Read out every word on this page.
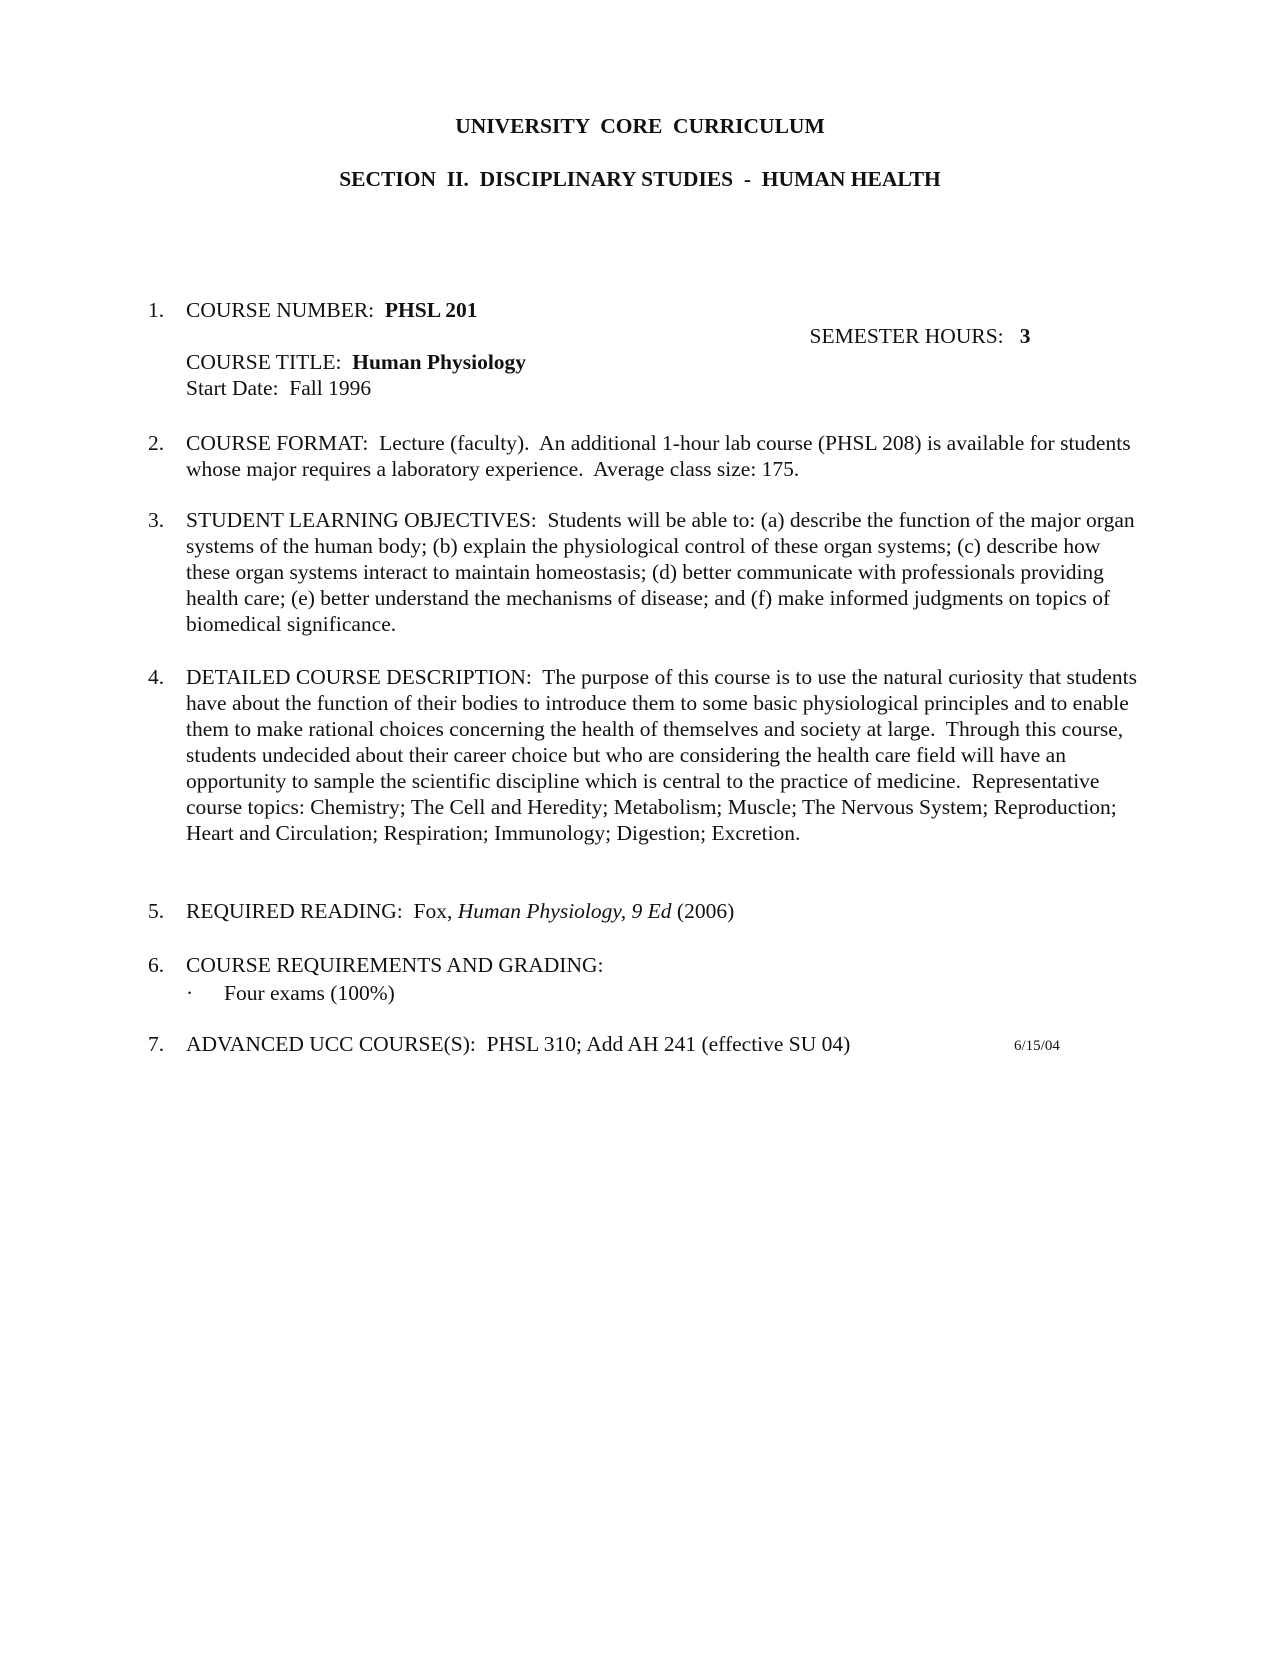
UNIVERSITY  CORE  CURRICULUM
SECTION  II.  DISCIPLINARY STUDIES  -  HUMAN HEALTH
1.	COURSE NUMBER:  PHSL 201
COURSE TITLE:  Human Physiology
Start Date:  Fall 1996

SEMESTER HOURS:   3

2.	COURSE FORMAT:  Lecture (faculty).  An additional 1-hour lab course (PHSL 208) is available for students whose major requires a laboratory experience.  Average class size: 175.
3.	STUDENT LEARNING OBJECTIVES:  Students will be able to: (a) describe the function of the major organ systems of the human body; (b) explain the physiological control of these organ systems; (c) describe how these organ systems interact to maintain homeostasis; (d) better communicate with professionals providing health care; (e) better understand the mechanisms of disease; and (f) make informed judgments on topics of biomedical significance.
4.	DETAILED COURSE DESCRIPTION:  The purpose of this course is to use the natural curiosity that students have about the function of their bodies to introduce them to some basic physiological principles and to enable them to make rational choices concerning the health of themselves and society at large.  Through this course, students undecided about their career choice but who are considering the health care field will have an opportunity to sample the scientific discipline which is central to the practice of medicine.  Representative course topics: Chemistry; The Cell and Heredity; Metabolism; Muscle; The Nervous System; Reproduction; Heart and Circulation; Respiration; Immunology; Digestion; Excretion.
5.	REQUIRED READING:  Fox, Human Physiology, 9 Ed (2006)
6.	COURSE REQUIREMENTS AND GRADING:
· Four exams (100%)
7.	ADVANCED UCC COURSE(S):  PHSL 310; Add AH 241 (effective SU 04)	6/15/04
